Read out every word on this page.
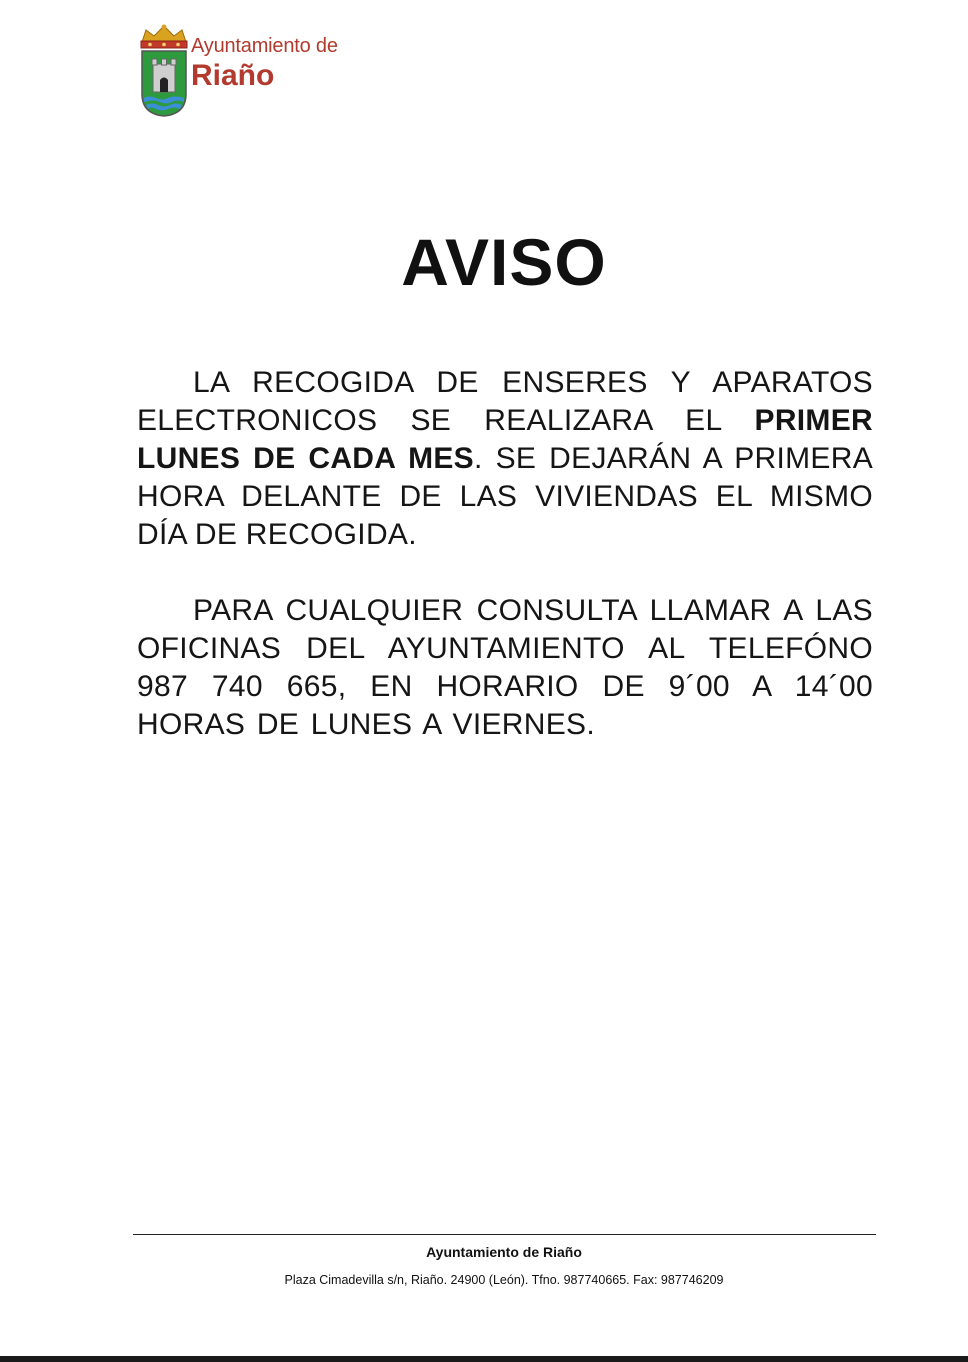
Ayuntamiento de
Riaño
AVISO
LA RECOGIDA DE ENSERES Y APARATOS ELECTRONICOS SE REALIZARA EL PRIMER LUNES DE CADA MES. SE DEJARÁN A PRIMERA HORA DELANTE DE LAS VIVIENDAS EL MISMO DÍA DE RECOGIDA.
PARA CUALQUIER CONSULTA LLAMAR A LAS OFICINAS DEL AYUNTAMIENTO AL TELEFÓNO 987 740 665, EN HORARIO DE 9´00 A 14´00 HORAS DE LUNES A VIERNES.
Ayuntamiento de Riaño
Plaza Cimadevilla s/n, Riaño. 24900 (León). Tfno. 987740665. Fax: 987746209
